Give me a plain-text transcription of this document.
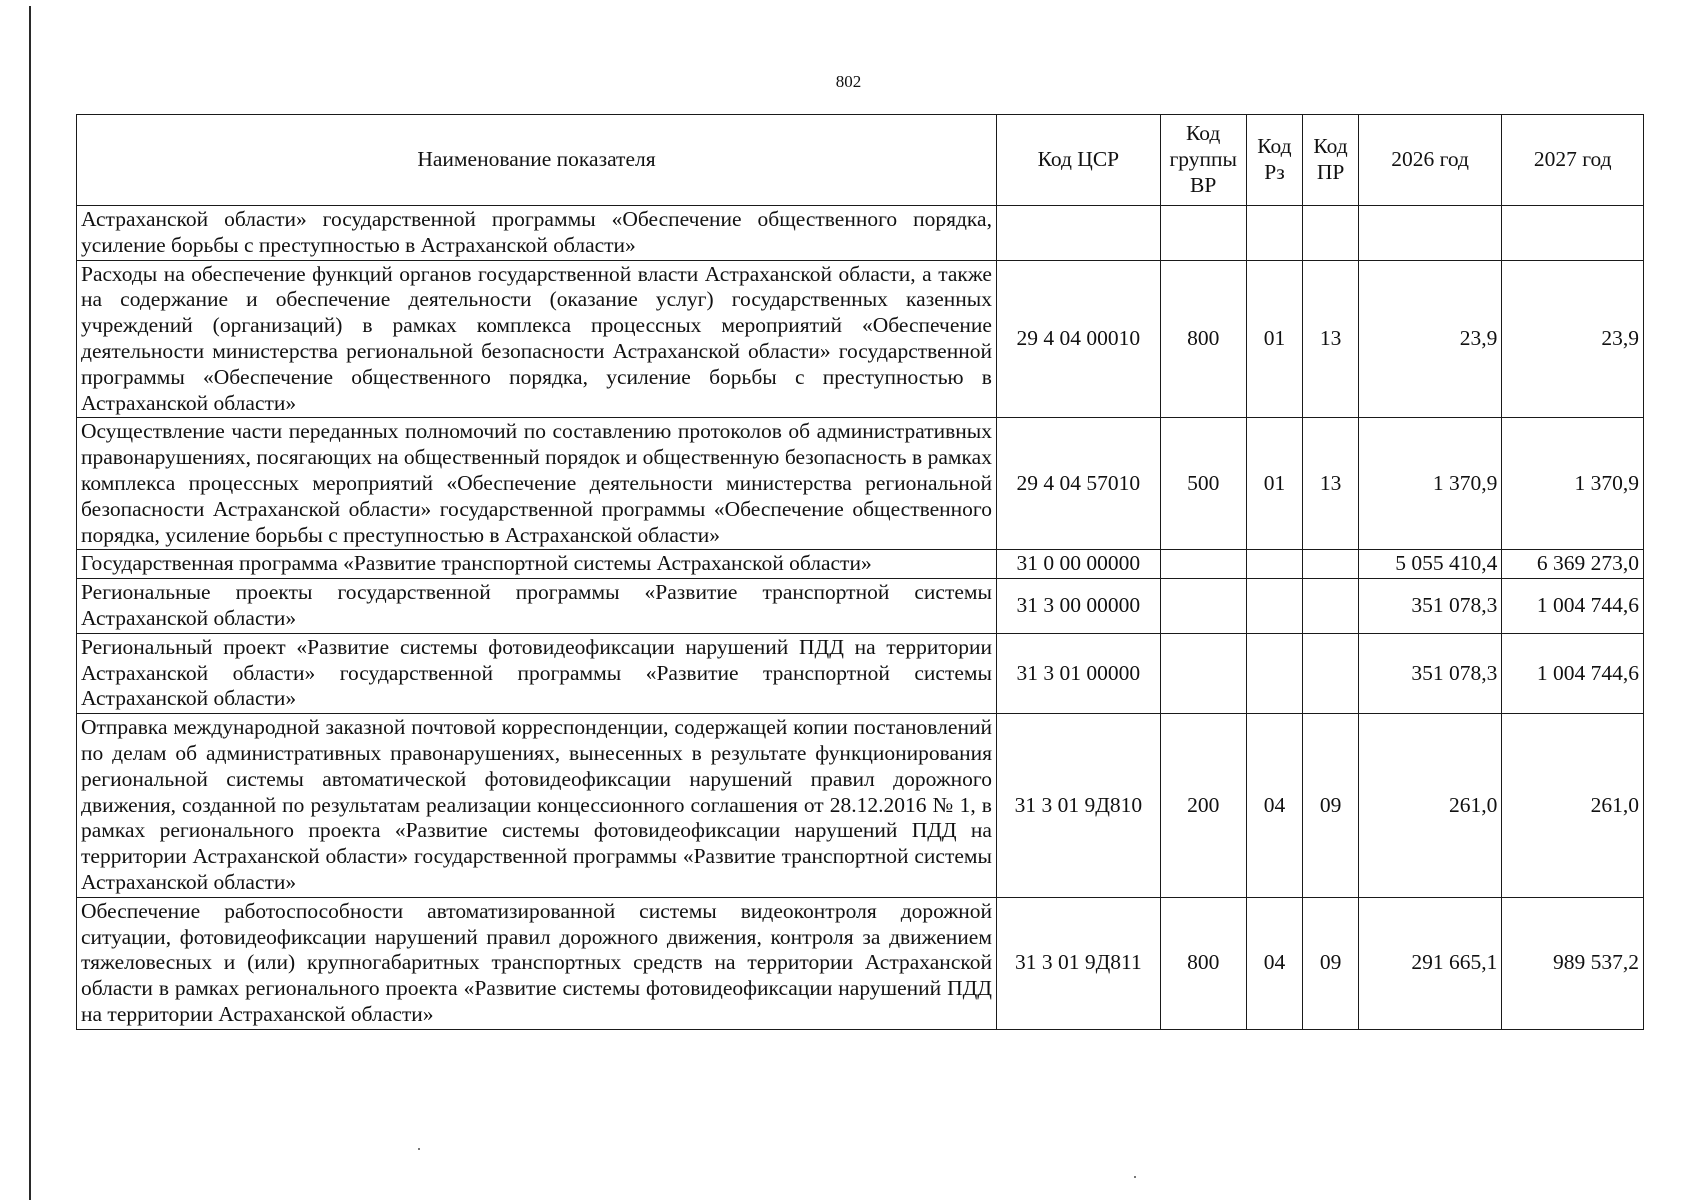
802
Наименование показателя	Код ЦСР	Код группы ВР	Код Рз	Код ПР	2026 год	2027 год
Астраханской области» государственной программы «Обеспечение общественного порядка, усиление борьбы с преступностью в Астраханской области»						
Расходы на обеспечение функций органов государственной власти Астраханской области, а также на содержание и обеспечение деятельности (оказание услуг) государственных казенных учреждений (организаций) в рамках комплекса процессных мероприятий «Обеспечение деятельности министерства региональной безопасности Астраханской области» государственной программы «Обеспечение общественного порядка, усиление борьбы с преступностью в Астраханской области»	29 4 04 00010	800	01	13	23,9	23,9
Осуществление части переданных полномочий по составлению протоколов об административных правонарушениях, посягающих на общественный порядок и общественную безопасность в рамках комплекса процессных мероприятий «Обеспечение деятельности министерства региональной безопасности Астраханской области» государственной программы «Обеспечение общественного порядка, усиление борьбы с преступностью в Астраханской области»	29 4 04 57010	500	01	13	1 370,9	1 370,9
Государственная программа «Развитие транспортной системы Астраханской области»	31 0 00 00000				5 055 410,4	6 369 273,0
Региональные проекты государственной программы «Развитие транспортной системы Астраханской области»	31 3 00 00000				351 078,3	1 004 744,6
Региональный проект «Развитие системы фотовидеофиксации нарушений ПДД на территории Астраханской области» государственной программы «Развитие транспортной системы Астраханской области»	31 3 01 00000				351 078,3	1 004 744,6
Отправка международной заказной почтовой корреспонденции, содержащей копии постановлений по делам об административных правонарушениях, вынесенных в результате функционирования региональной системы автоматической фотовидеофиксации нарушений правил дорожного движения, созданной по результатам реализации концессионного соглашения от 28.12.2016 № 1, в рамках регионального проекта «Развитие системы фотовидеофиксации нарушений ПДД на территории Астраханской области» государственной программы «Развитие транспортной системы Астраханской области»	31 3 01 9Д810	200	04	09	261,0	261,0
Обеспечение работоспособности автоматизированной системы видеоконтроля дорожной ситуации, фотовидеофиксации нарушений правил дорожного движения, контроля за движением тяжеловесных и (или) крупногабаритных транспортных средств на территории Астраханской области в рамках регионального проекта «Развитие системы фотовидеофиксации нарушений ПДД на территории Астраханской области»	31 3 01 9Д811	800	04	09	291 665,1	989 537,2
